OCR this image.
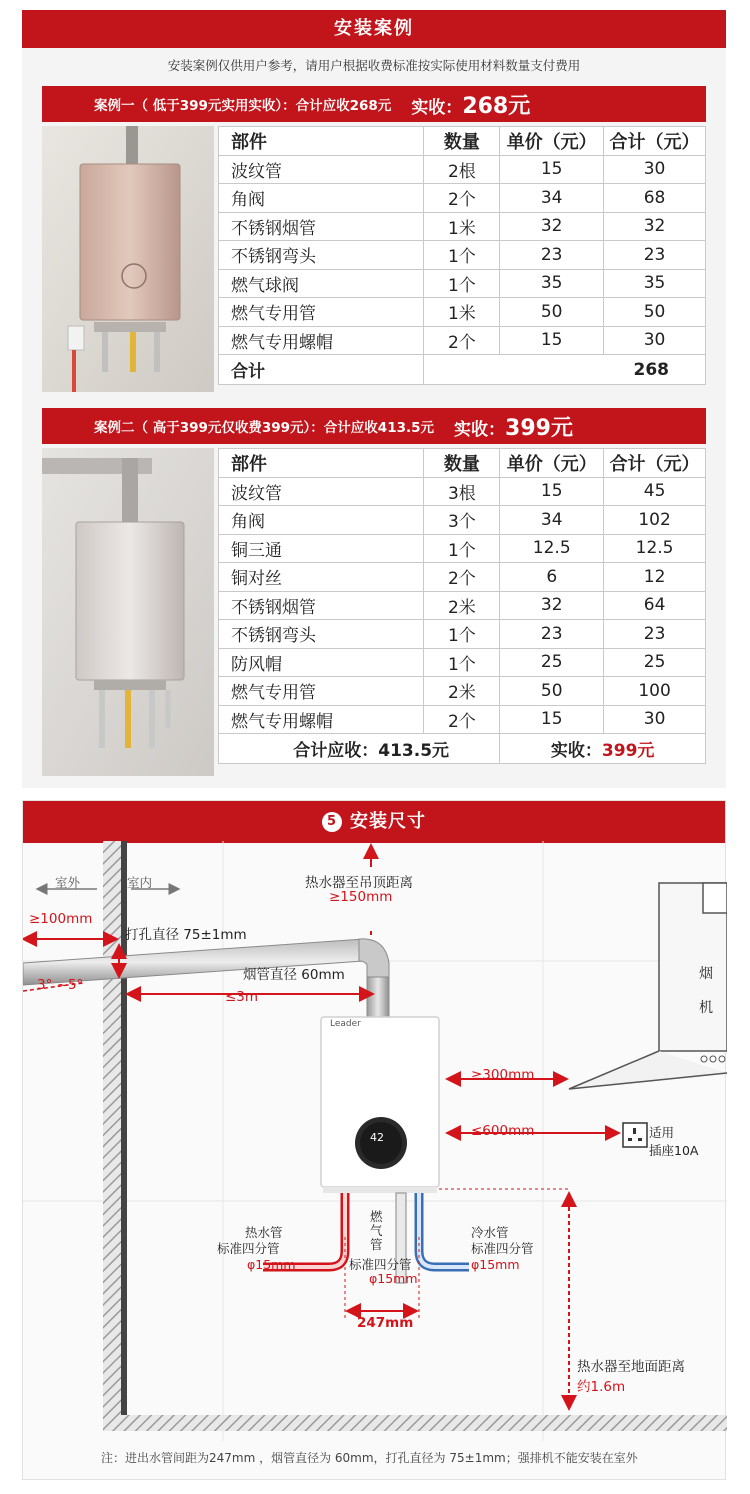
安装案例
安装案例仅供用户参考，请用户根据收费标准按实际使用材料数量支付费用
案例一（ 低于399元实用实收）：合计应收268元 实收：268元
部件	数量	单价（元）	合计（元）
波纹管	2根	15	30
角阀	2个	34	68
不锈钢烟管	1米	32	32
不锈钢弯头	1个	23	23
燃气球阀	1个	35	35
燃气专用管	1米	50	50
燃气专用螺帽	2个	15	30
合计	268		
案例二（ 高于399元仅收费399元）：合计应收413.5元 实收：399元
部件	数量	单价（元）	合计（元）
波纹管	3根	15	45
角阀	3个	34	102
铜三通	1个	12.5	12.5
铜对丝	2个	6	12
不锈钢烟管	2米	32	64
不锈钢弯头	1个	23	23
防风帽	1个	25	25
燃气专用管	2米	50	100
燃气专用螺帽	2个	15	30
合计应收：413.5元		实收：399元	
5 安装尺寸
室外	室内
≥100mm
打孔直径 75±1mm
烟管直径 60mm
3° ~5°
≤3m
热水器至吊顶距离
≥150mm
Leader
42
烟
机
≥300mm
≤600mm	适用
插座10A
热水管
标准四分管
φ15mm
燃
气
管
标准四分管
φ15mm
冷水管
标准四分管
φ15mm
247mm
热水器至地面距离
约1.6m
注：进出水管间距为247mm ，烟管直径为 60mm，打孔直径为 75±1mm；强排机不能安装在室外
